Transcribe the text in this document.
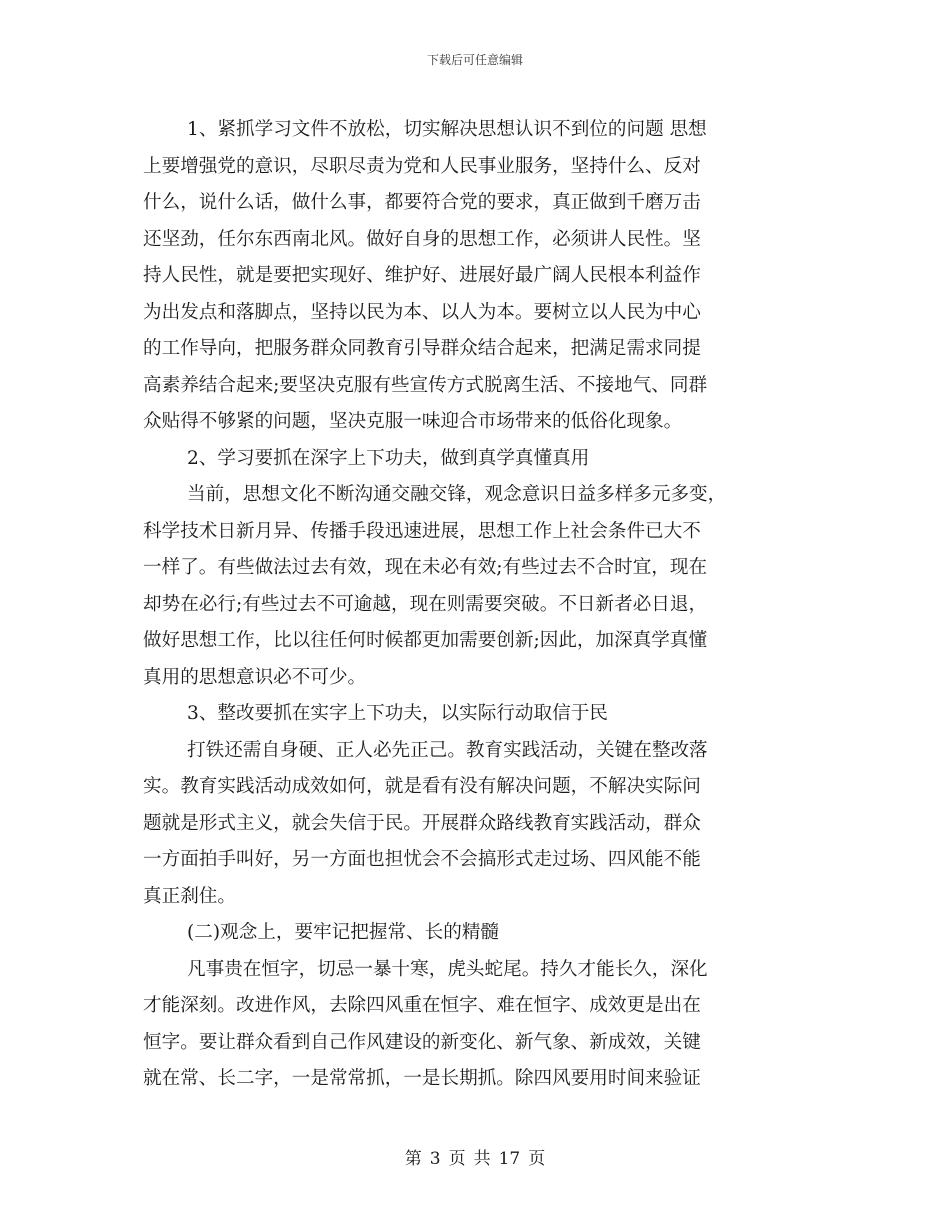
下载后可任意编辑

1、紧抓学习文件不放松，切实解决思想认识不到位的问题 思想

上要增强党的意识，尽职尽责为党和人民事业服务，坚持什么、反对

什么，说什么话，做什么事，都要符合党的要求，真正做到千磨万击

还坚劲，任尔东西南北风。做好自身的思想工作，必须讲人民性。坚

持人民性，就是要把实现好、维护好、进展好最广阔人民根本利益作

为出发点和落脚点，坚持以民为本、以人为本。要树立以人民为中心

的工作导向，把服务群众同教育引导群众结合起来，把满足需求同提

高素养结合起来;要坚决克服有些宣传方式脱离生活、不接地气、同群

众贴得不够紧的问题，坚决克服一味迎合市场带来的低俗化现象。

2、学习要抓在深字上下功夫，做到真学真懂真用

当前，思想文化不断沟通交融交锋，观念意识日益多样多元多变，

科学技术日新月异、传播手段迅速进展，思想工作上社会条件已大不

一样了。有些做法过去有效，现在未必有效;有些过去不合时宜，现在

却势在必行;有些过去不可逾越，现在则需要突破。不日新者必日退，

做好思想工作，比以往任何时候都更加需要创新;因此，加深真学真懂

真用的思想意识必不可少。

3、整改要抓在实字上下功夫，以实际行动取信于民

打铁还需自身硬、正人必先正己。教育实践活动，关键在整改落

实。教育实践活动成效如何，就是看有没有解决问题，不解决实际问

题就是形式主义，就会失信于民。开展群众路线教育实践活动，群众

一方面拍手叫好，另一方面也担忧会不会搞形式走过场、四风能不能

真正刹住。

(二)观念上，要牢记把握常、长的精髓

凡事贵在恒字，切忌一暴十寒，虎头蛇尾。持久才能长久，深化

才能深刻。改进作风，去除四风重在恒字、难在恒字、成效更是出在

恒字。要让群众看到自己作风建设的新变化、新气象、新成效，关键

就在常、长二字，一是常常抓，一是长期抓。除四风要用时间来验证

第 3 页 共 17 页
